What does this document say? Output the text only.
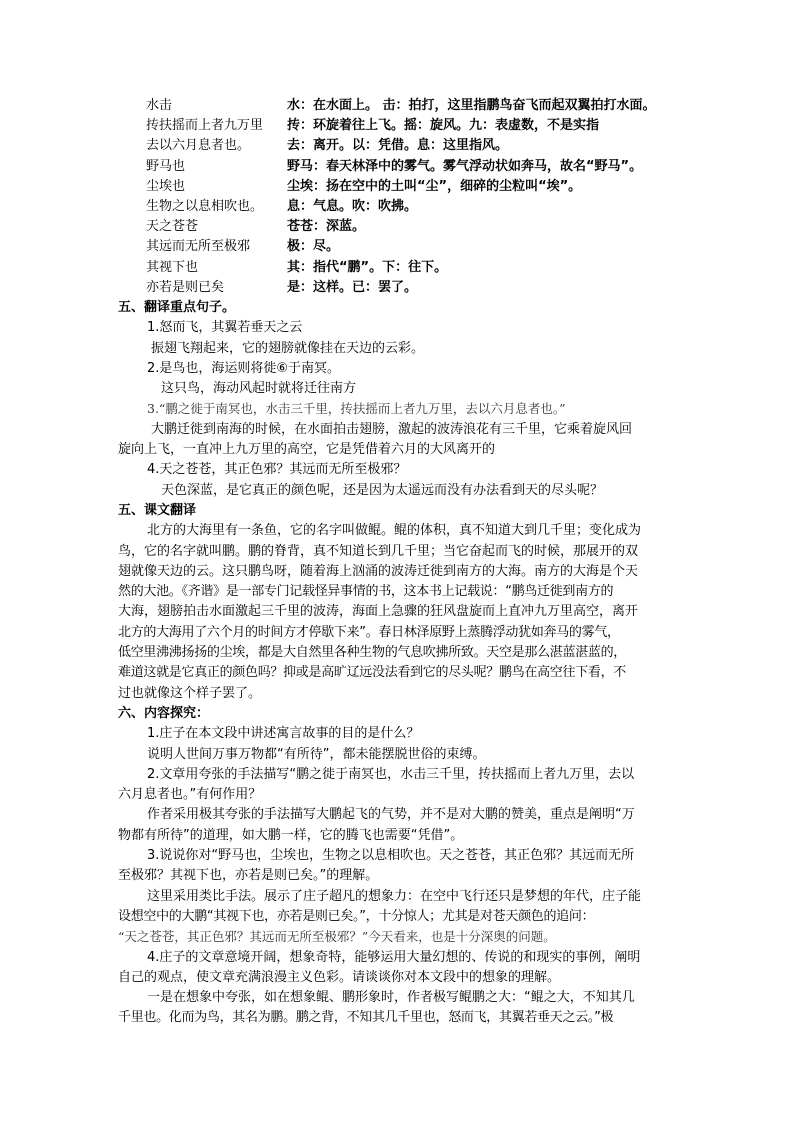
水击	水：在水面上。 击：拍打，这里指鹏鸟奋飞而起双翼拍打水面。
抟扶摇而上者九万里	抟：环旋着往上飞。摇：旋风。九：表虚数，不是实指
去以六月息者也。	去：离开。以：凭借。息：这里指风。
野马也	野马：春天林泽中的雾气。雾气浮动状如奔马，故名“野马”。
尘埃也	尘埃：扬在空中的土叫“尘”，细碎的尘粒叫“埃”。
生物之以息相吹也。	息：气息。吹：吹拂。
天之苍苍	苍苍：深蓝。
其远而无所至极邪	极：尽。
其视下也	其：指代“鹏”。下：往下。
亦若是则已矣	是：这样。已：罢了。
五、翻译重点句子。
1.怒而飞，其翼若垂天之云
振翅飞翔起来，它的翅膀就像挂在天边的云彩。
2.是鸟也，海运则将徙⑥于南冥。
这只鸟，海动风起时就将迁往南方
3.“鹏之徙于南冥也，水击三千里，抟扶摇而上者九万里，去以六月息者也。”
大鹏迁徙到南海的时候，在水面拍击翅膀，激起的波涛浪花有三千里，它乘着旋风回
旋向上飞，一直冲上九万里的高空，它是凭借着六月的大风离开的
4.天之苍苍，其正色邪？其远而无所至极邪？
天色深蓝，是它真正的颜色呢，还是因为太遥远而没有办法看到天的尽头呢？
五、课文翻译
北方的大海里有一条鱼，它的名字叫做鲲。鲲的体积，真不知道大到几千里；变化成为
鸟，它的名字就叫鹏。鹏的脊背，真不知道长到几千里；当它奋起而飞的时候，那展开的双
翅就像天边的云。这只鹏鸟呀，随着海上汹涌的波涛迁徙到南方的大海。南方的大海是个天
然的大池。《齐谐》是一部专门记载怪异事情的书，这本书上记载说：“鹏鸟迁徙到南方的
大海，翅膀拍击水面激起三千里的波涛，海面上急骤的狂风盘旋而上直冲九万里高空，离开
北方的大海用了六个月的时间方才停歇下来”。春日林泽原野上蒸腾浮动犹如奔马的雾气，
低空里沸沸扬扬的尘埃，都是大自然里各种生物的气息吹拂所致。天空是那么湛蓝湛蓝的，
难道这就是它真正的颜色吗？抑或是高旷辽远没法看到它的尽头呢？鹏鸟在高空往下看，不
过也就像这个样子罢了。
六、内容探究：
1.庄子在本文段中讲述寓言故事的目的是什么？
说明人世间万事万物都“有所待”，都未能摆脱世俗的束缚。
2.文章用夸张的手法描写“鹏之徙于南冥也，水击三千里，抟扶摇而上者九万里，去以
六月息者也。”有何作用？
作者采用极其夸张的手法描写大鹏起飞的气势，并不是对大鹏的赞美，重点是阐明“万
物都有所待”的道理，如大鹏一样，它的腾飞也需要“凭借”。
3.说说你对“野马也，尘埃也，生物之以息相吹也。天之苍苍，其正色邪？其远而无所
至极邪？其视下也，亦若是则已矣。”的理解。
这里采用类比手法。展示了庄子超凡的想象力：在空中飞行还只是梦想的年代，庄子能
设想空中的大鹏“其视下也，亦若是则已矣。”，十分惊人；尤其是对苍天颜色的追问：
“天之苍苍，其正色邪？其远而无所至极邪？”今天看来，也是十分深奥的问题。
4.庄子的文章意境开阔，想象奇特，能够运用大量幻想的、传说的和现实的事例，阐明
自己的观点，使文章充满浪漫主义色彩。请谈谈你对本文段中的想象的理解。
一是在想象中夸张，如在想象鲲、鹏形象时，作者极写鲲鹏之大：“鲲之大，不知其几
千里也。化而为鸟，其名为鹏。鹏之背，不知其几千里也，怒而飞，其翼若垂天之云。”极
